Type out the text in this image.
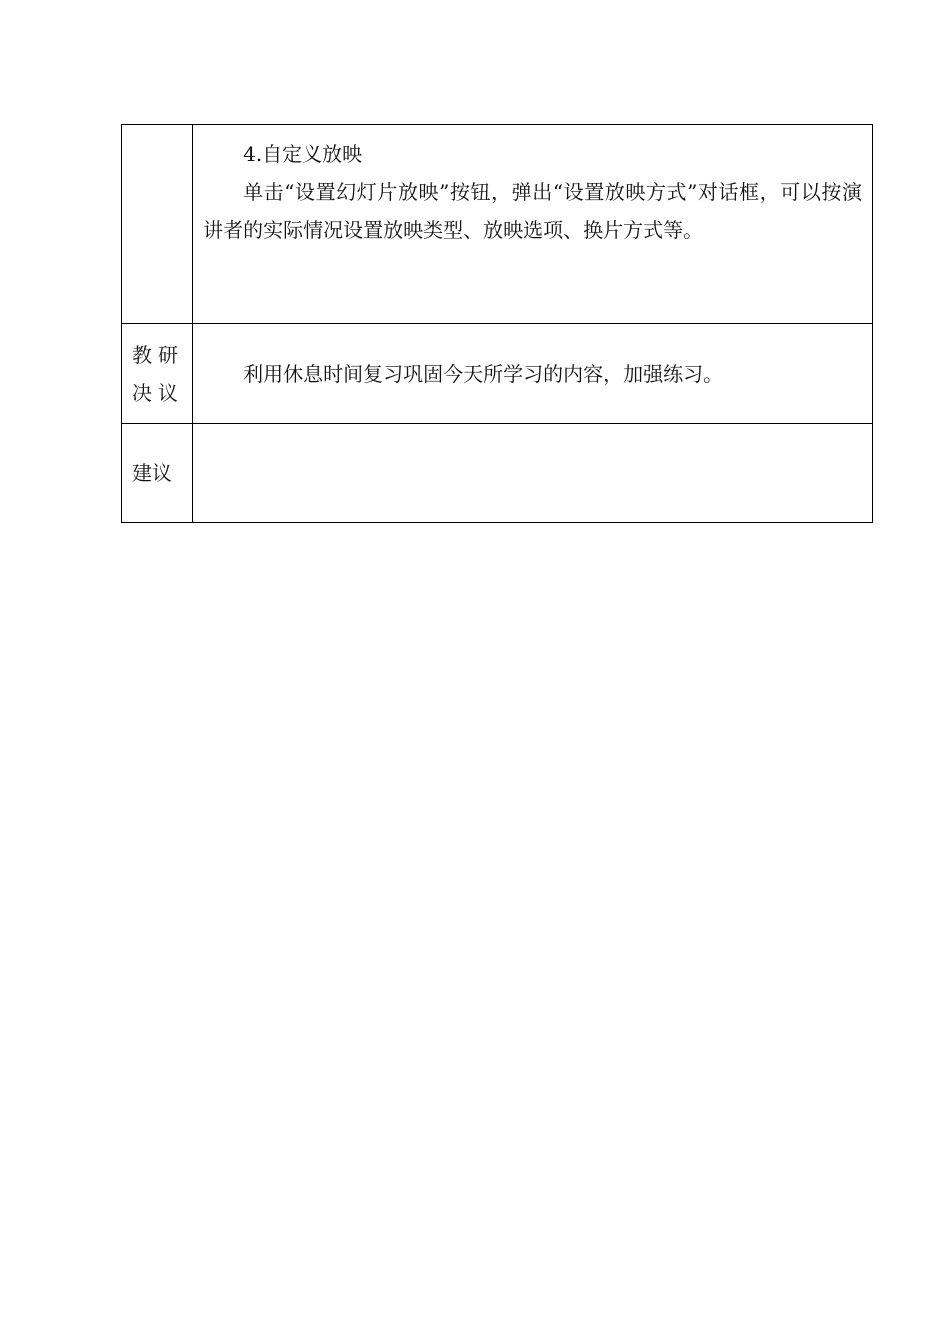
	4.自定义放映

单击“设置幻灯片放映”按钮，弹出“设置放映方式”对话框，可以按演讲者的实际情况设置放映类型、放映选项、换片方式等。

教研决议	利用休息时间复习巩固今天所学习的内容，加强练习。

建议	
